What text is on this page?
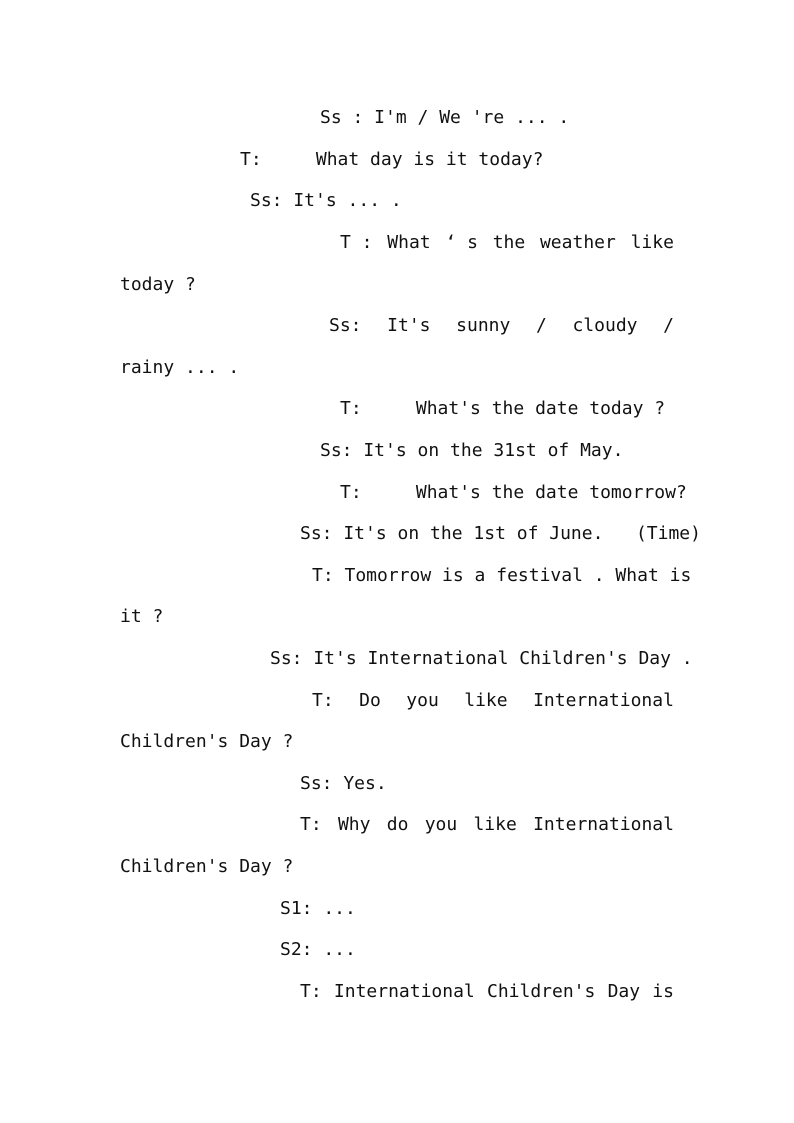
Ss : I'm / We 're ... .
T:     What day is it today?
Ss: It's ... .
T : What ‘ s the weather like
today ?
Ss: It's sunny / cloudy /
rainy ... .
T:     What's the date today ?
Ss: It's on the 31st of May.
T:     What's the date tomorrow?
Ss: It's on the 1st of June.   (Time)
T: Tomorrow is a festival . What is
it ?
Ss: It's International Children's Day .
T: Do you like International
Children's Day ?
Ss: Yes.
T: Why do you like International
Children's Day ?
S1: ...
S2: ...
T: International Children's Day is
